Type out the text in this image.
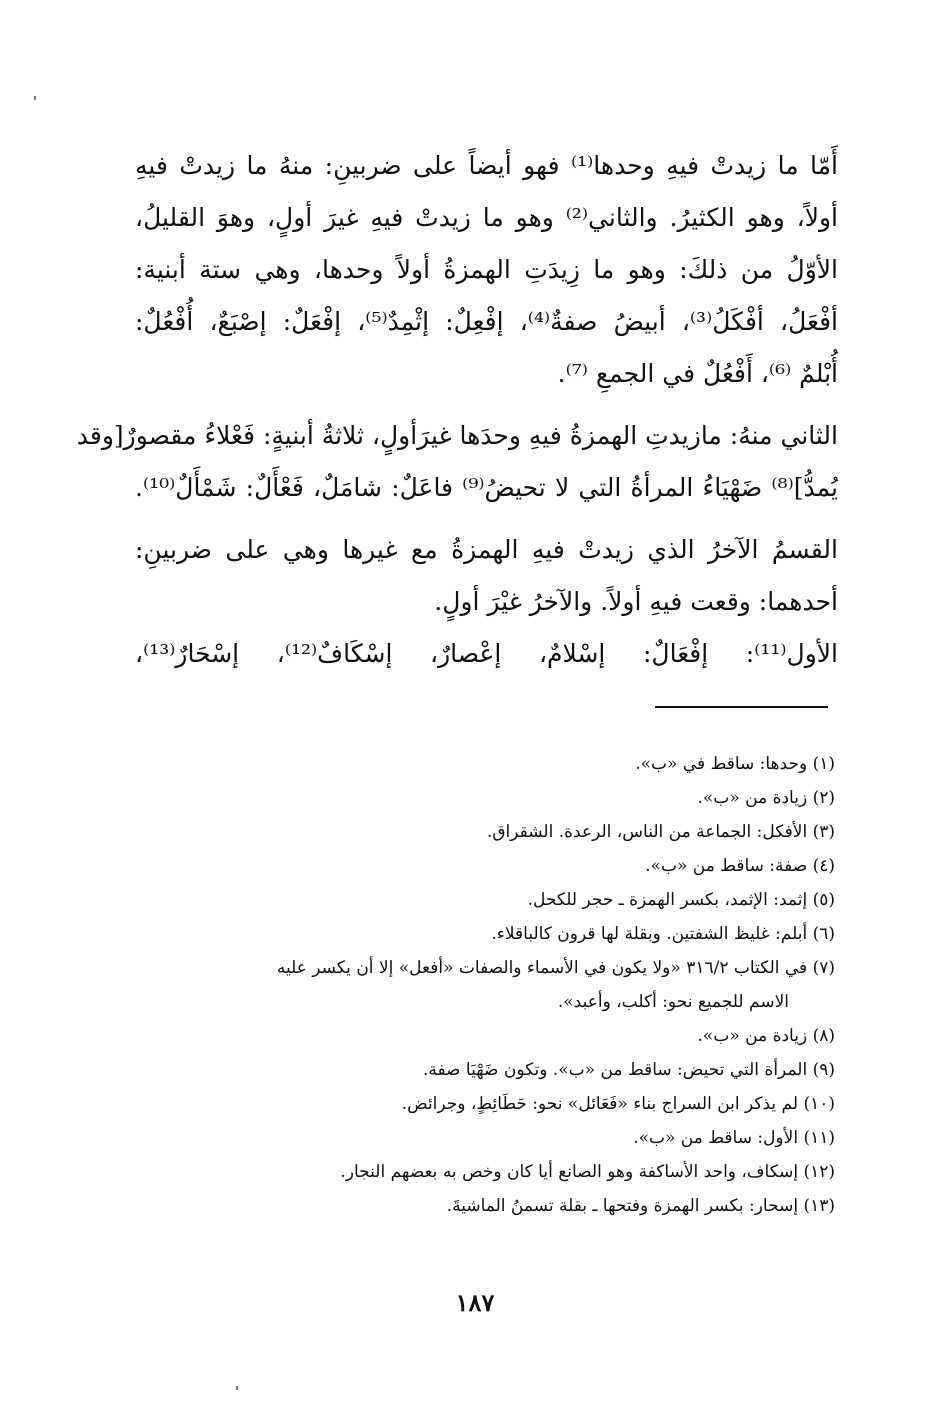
أَمّا ما زيدتْ فيهِ وحدها⁽¹⁾ فهو أيضاً على ضربينِ: منهُ ما زيدتْ فيهِ
أولاً، وهو الكثيرُ. والثاني⁽²⁾ وهو ما زيدتْ فيهِ غيرَ أولٍ، وهوَ القليلُ،
الأوّلُ من ذلكَ: وهو ما زِيدَتِ الهمزةُ أولاً وحدها، وهي ستة أبنية:
أفْعَلُ، أفْكَلُ⁽³⁾، أبيضُ صفةٌ⁽⁴⁾، إفْعِلٌ: إثْمِدٌ⁽⁵⁾، إفْعَلٌ: إصْبَعٌ، أُفْعُلٌ:
أُبْلمٌ ⁽⁶⁾، أَفْعُلٌ في الجمعِ ⁽⁷⁾.
الثاني منهُ: مازيدتِ الهمزةُ فيهِ وحدَها غيرَأولٍ، ثلاثةُ أبنيةٍ: فَعْلاءُ مقصورٌ[وقد
يُمدُّ]⁽⁸⁾ ضَهْيَاءُ المرأةُ التي لا تحيضُ⁽⁹⁾ فاعَلٌ: شامَلٌ، فَعْأَلٌ: شَمْأَلٌ⁽¹⁰⁾.
القسمُ الآخرُ الذي زيدتْ فيهِ الهمزةُ مع غيرها وهي على ضربينِ:
أحدهما: وقعت فيهِ أولاً. والآخرُ غيْرَ أولٍ.
الأول⁽¹¹⁾: إفْعَالٌ: إسْلامٌ، إعْصارٌ، إسْكَافٌ⁽¹²⁾، إسْحَارٌ⁽¹³⁾،
(١) وحدها: ساقط في «ب».
(٢) زيادة من «ب».
(٣) الأفكل: الجماعة من الناس، الرعدة. الشقراق.
(٤) صفة: ساقط من «ب».
(٥) إثمد: الإثمد، بكسر الهمزة ـ حجر للكحل.
(٦) أبلم: غليظ الشفتين. وبقلة لها قرون كالباقلاء.
(٧) في الكتاب ٣١٦/٢ «ولا يكون في الأسماء والصفات «أفعل» إلا أن يكسر عليه
الاسم للجميع نحو: أكلب، وأعبد».
(٨) زيادة من «ب».
(٩) المرأة التي تحيض: ساقط من «ب». وتكون ضَهْيَا صفة.
(١٠) لم يذكر ابن السراج بناء «فَعَائل» نحو: حَطَائِطٍ، وجرائض.
(١١) الأول: ساقط من «ب».
(١٢) إسكاف، واحد الأساكفة وهو الصانع أيا كان وخص به بعضهم النجار.
(١٣) إسحار: بكسر الهمزة وفتحها ـ بقلة تسمنُ الماشيةَ.
١٨٧
